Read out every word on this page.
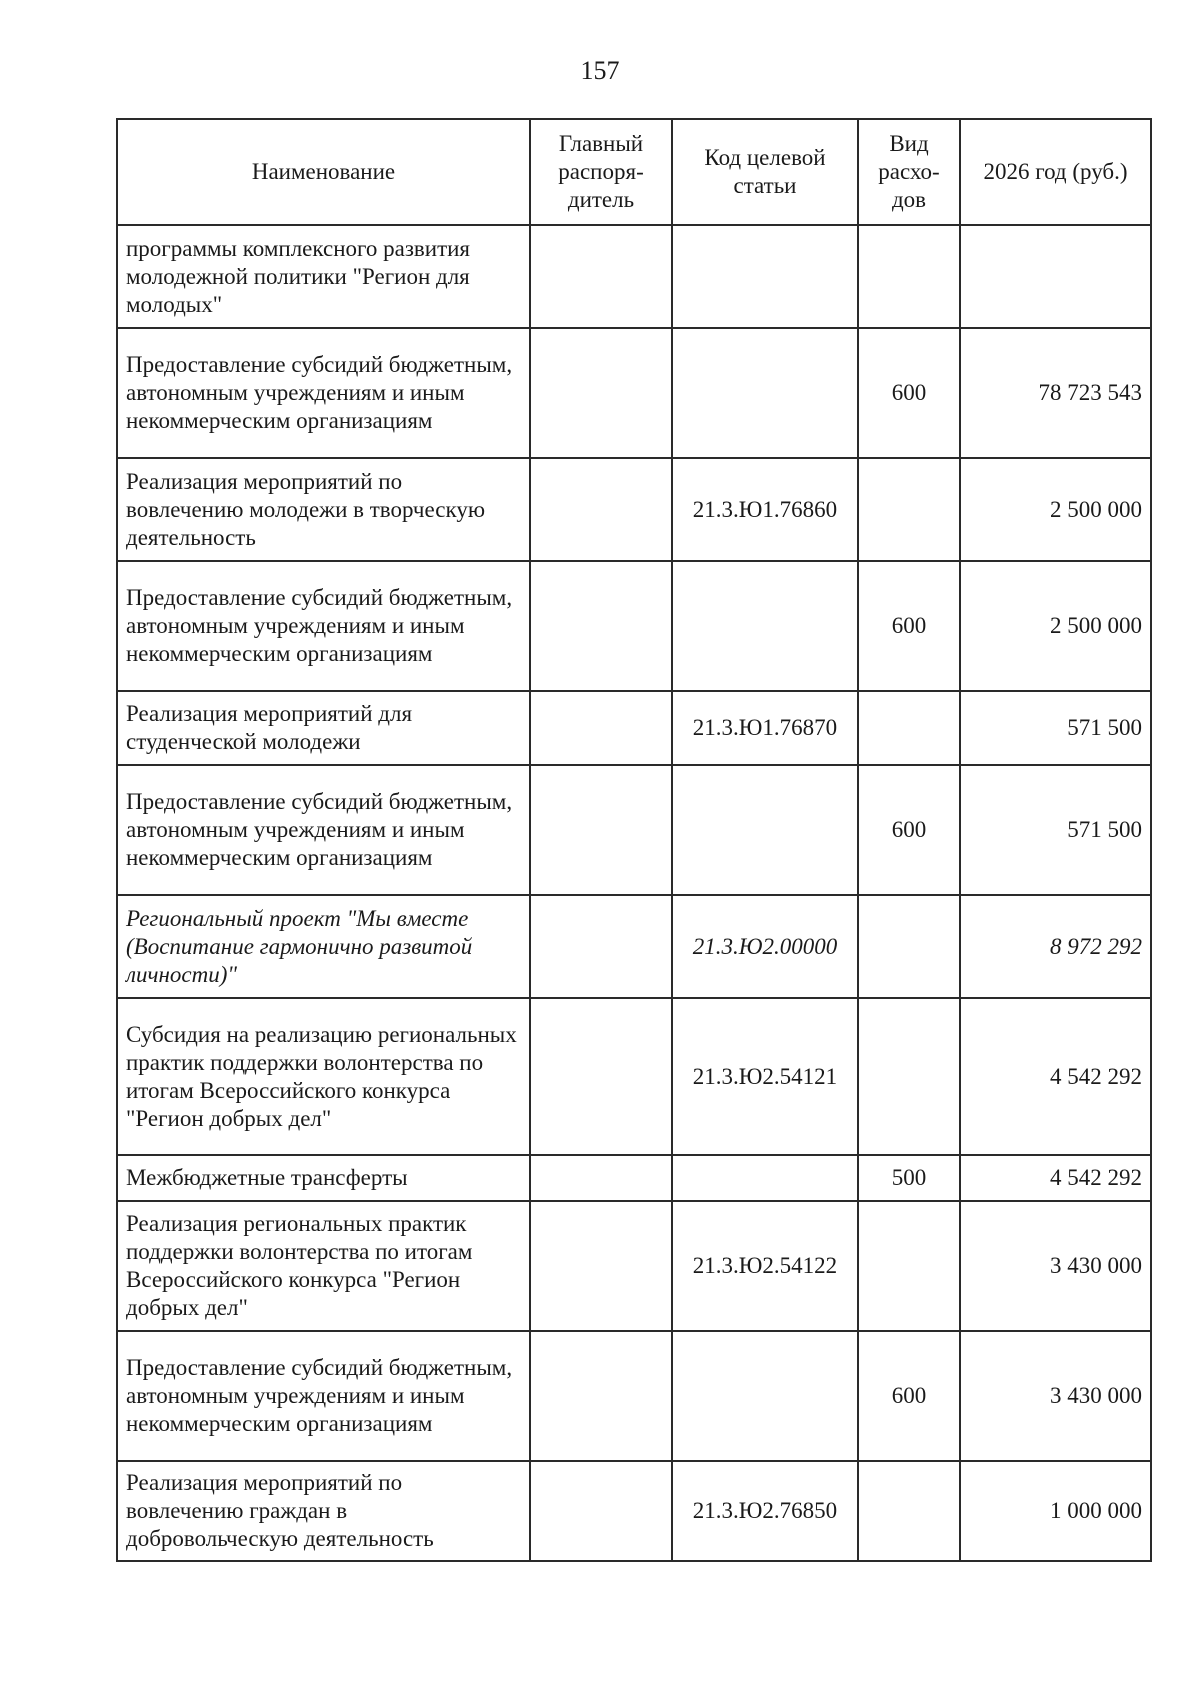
157
Наименование	Главный распоря-дитель	Код целевой статьи	Вид расхо-дов	2026 год (руб.)
программы комплексного развития молодежной политики "Регион для молодых"				
Предоставление субсидий бюджетным, автономным учреждениям и иным некоммерческим организациям			600	78 723 543
Реализация мероприятий по вовлечению молодежи в творческую деятельность		21.3.Ю1.76860		2 500 000
Предоставление субсидий бюджетным, автономным учреждениям и иным некоммерческим организациям			600	2 500 000
Реализация мероприятий для студенческой молодежи		21.3.Ю1.76870		571 500
Предоставление субсидий бюджетным, автономным учреждениям и иным некоммерческим организациям			600	571 500
Региональный проект "Мы вместе (Воспитание гармонично развитой личности)"		21.3.Ю2.00000		8 972 292
Субсидия на реализацию региональных практик поддержки волонтерства по итогам Всероссийского конкурса "Регион добрых дел"		21.3.Ю2.54121		4 542 292
Межбюджетные трансферты			500	4 542 292
Реализация региональных практик поддержки волонтерства по итогам Всероссийского конкурса "Регион добрых дел"		21.3.Ю2.54122		3 430 000
Предоставление субсидий бюджетным, автономным учреждениям и иным некоммерческим организациям			600	3 430 000
Реализация мероприятий по вовлечению граждан в добровольческую деятельность		21.3.Ю2.76850		1 000 000
